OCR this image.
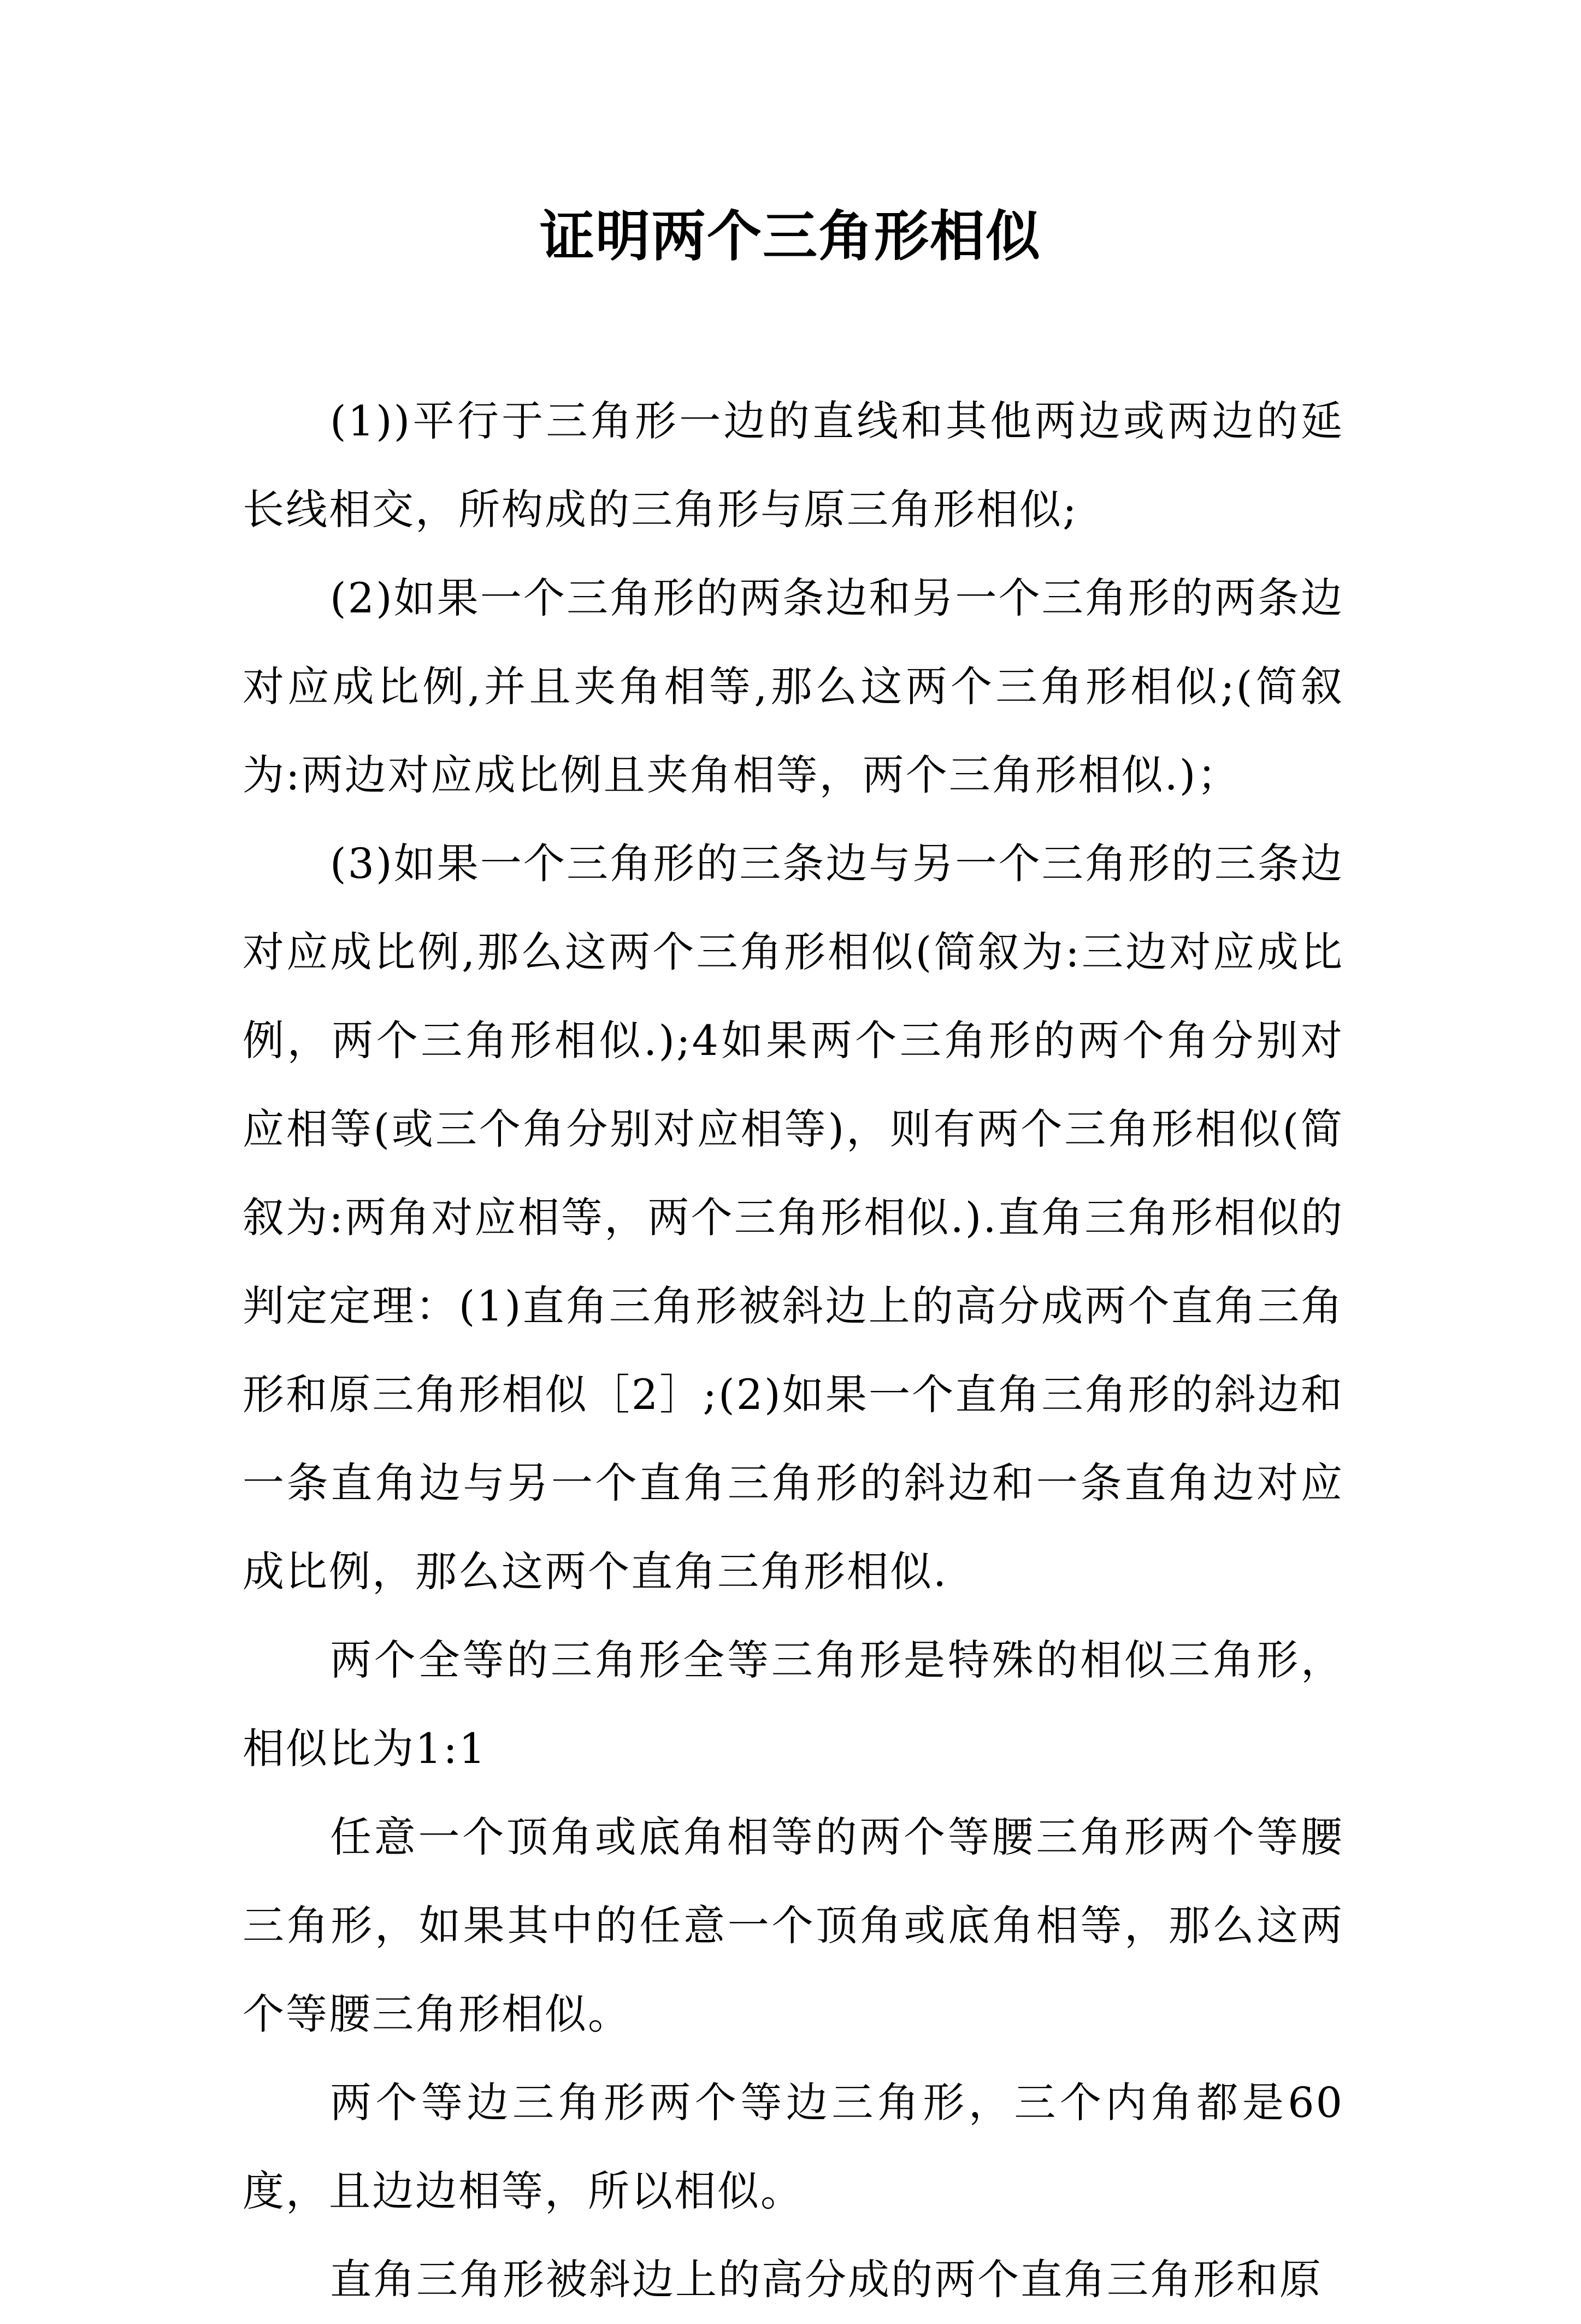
证明两个三角形相似

(1))平行于三角形一边的直线和其他两边或两边的延长线相交，所构成的三角形与原三角形相似;

(2)如果一个三角形的两条边和另一个三角形的两条边对应成比例,并且夹角相等,那么这两个三角形相似;(简叙为:两边对应成比例且夹角相等，两个三角形相似.)；

(3)如果一个三角形的三条边与另一个三角形的三条边对应成比例,那么这两个三角形相似(简叙为:三边对应成比例，两个三角形相似.);4如果两个三角形的两个角分别对应相等(或三个角分别对应相等)，则有两个三角形相似(简叙为:两角对应相等，两个三角形相似.).直角三角形相似的判定定理：(1)直角三角形被斜边上的高分成两个直角三角形和原三角形相似［2］;(2)如果一个直角三角形的斜边和一条直角边与另一个直角三角形的斜边和一条直角边对应成比例，那么这两个直角三角形相似.

两个全等的三角形全等三角形是特殊的相似三角形，相似比为1:1

任意一个顶角或底角相等的两个等腰三角形两个等腰三角形，如果其中的任意一个顶角或底角相等，那么这两个等腰三角形相似。

两个等边三角形两个等边三角形，三个内角都是60度，且边边相等，所以相似。

直角三角形被斜边上的高分成的两个直角三角形和原
